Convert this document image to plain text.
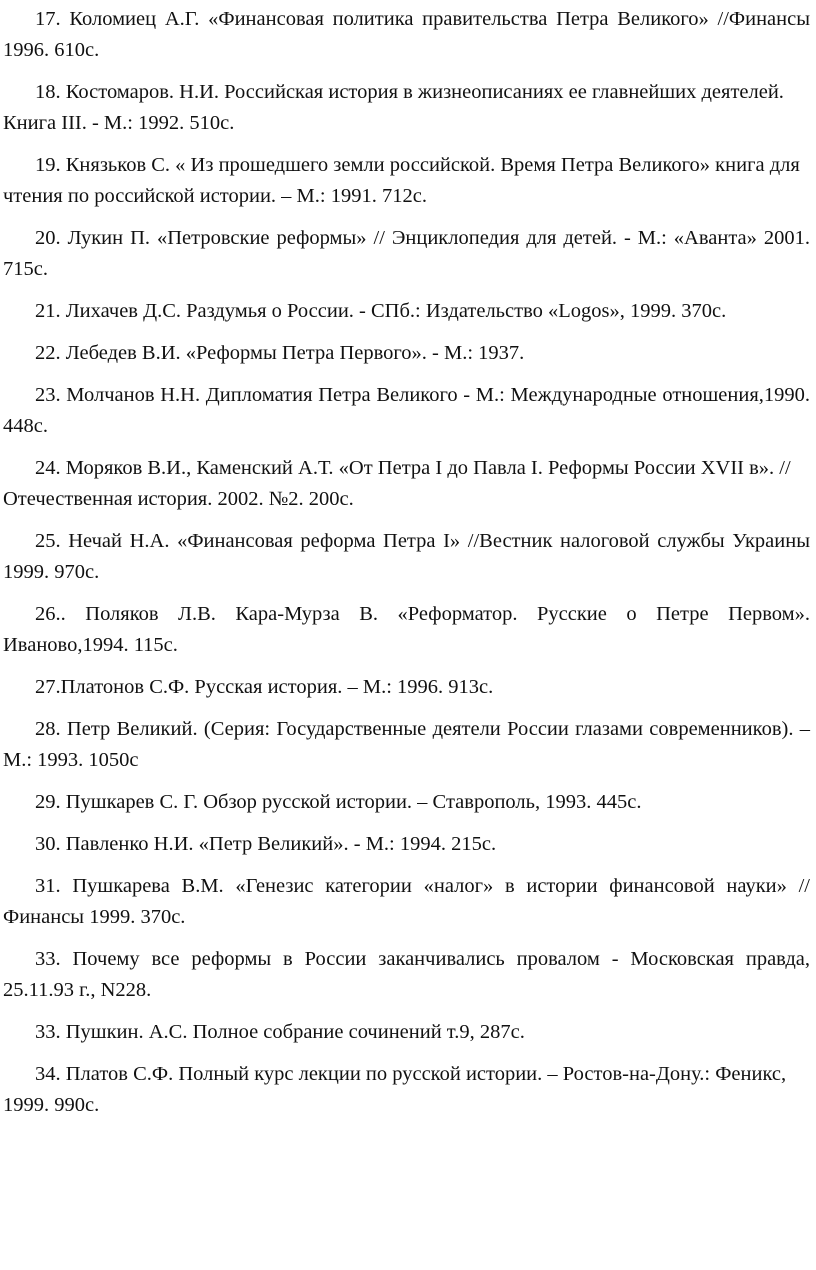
17. Коломиец А.Г. «Финансовая политика правительства Петра Великого» //Финансы 1996. 610с.

18. Костомаров. Н.И. Российская история в жизнеописаниях ее главнейших деятелей. Книга III. - М.: 1992. 510с.

19. Князьков С. « Из прошедшего земли российской. Время Петра Великого» книга для чтения по российской истории. – М.: 1991. 712с.

20. Лукин П. «Петровские реформы» // Энциклопедия для детей. - М.: «Аванта» 2001. 715с.

21. Лихачев Д.С. Раздумья о России. - СПб.: Издательство «Logos», 1999. 370с.

22. Лебедев В.И. «Реформы Петра Первого». - М.: 1937.

23. Молчанов Н.Н. Дипломатия Петра Великого - М.: Международные отношения,1990. 448с.

24. Моряков В.И., Каменский А.Т. «От Петра I до Павла I. Реформы России XVII в». // Отечественная история. 2002. №2. 200с.

25. Нечай Н.А. «Финансовая реформа Петра I» //Вестник налоговой службы Украины 1999. 970с.

26.. Поляков Л.В. Кара-Мурза В. «Реформатор. Русские о Петре Первом». Иваново,1994. 115с.

27.Платонов С.Ф. Русская история. – М.: 1996. 913с.

28. Петр Великий. (Серия: Государственные деятели России глазами современников). – М.: 1993. 1050с

29. Пушкарев С. Г. Обзор русской истории. – Ставрополь, 1993. 445с.

30. Павленко Н.И. «Петр Великий». - М.: 1994. 215с.

31. Пушкарева В.М. «Генезис категории «налог» в истории финансовой науки» //Финансы 1999. 370с.

33. Почему все реформы в России заканчивались провалом - Московская правда, 25.11.93 г., N228.

33. Пушкин. А.С. Полное собрание сочинений т.9, 287с.

34. Платов С.Ф. Полный курс лекции по русской истории. – Ростов-на-Дону.: Феникс, 1999. 990с.
